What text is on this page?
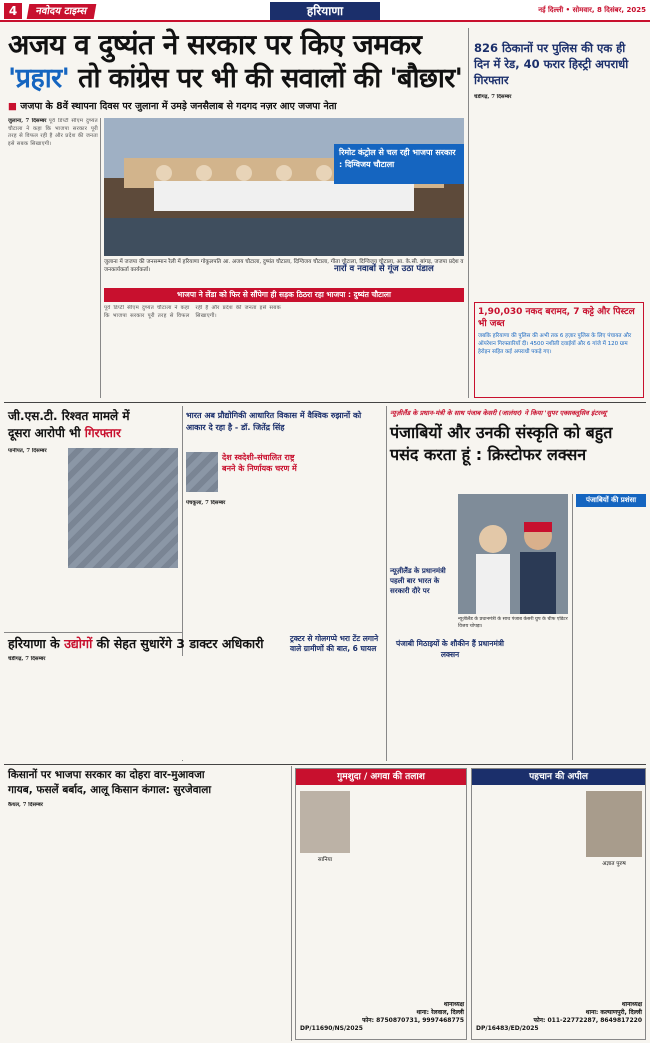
4	नवोदय टाइम्स	हरियाणा	नई दिल्ली • सोमवार, 8 दिसंबर, 2025
अजय व दुष्यंत ने सरकार पर किए जमकर
'प्रहार' तो कांग्रेस पर भी की सवालों की 'बौछार'
■ जजपा के 8वें स्थापना दिवस पर जुलाना में उमड़े जनसैलाब से गदगद नज़र आए जजपा नेता
जुलाना, 7 दिसम्बर पूर्व डिप्टी सीएम दुष्यंत चौटाला ने कहा कि भाजपा सरकार पूरी तरह से विफल रही है और प्रदेश की जनता इसे सबक सिखाएगी।
जुलाना में जजपा की जनसम्मान रैली में हरियाणा गोकुलपति आ. अजय चौटाला, दुष्यंत चौटाला, दिग्विजय चौटाला, गीता चौटाला, दिग्विजय चौटाला, आ. के.सी. बांगड़, जजपा प्रदेश व जनकार्यकर्ता कार्यकर्ता।
भाजपा ने लेंडा को फिर से सौंपेगा ही सड़क ठिठरा रहा भाजपा : दुष्यंत चौटाला
पूर्व डिप्टी सीएम दुष्यंत चौटाला ने कहा कि भाजपा सरकार पूरी तरह से विफल रही है और प्रदेश की जनता इसे सबक सिखाएगी।
826 ठिकानों पर पुलिस की एक ही दिन में रेड, 40 फरार हिस्ट्री अपराधी गिरफ्तार
चंडीगढ़, 7 दिसम्बर
रिमोट कंट्रोल से चल रही भाजपा सरकार : दिग्विजय चौटाला
नारों व नवाबों से गूंज उठा पंडाल
1,90,030 नकद बरामद, 7 कट्टे और पिस्टल भी जब्त
जबकि हरियाणा की पुलिस की अभी तक 6 हज़ार पुलिस के लिए पंचायत और ऑपरेशन गिरफ्तारियाँ दी। 4500 नशीली दवाईयों और 6 गांजे में 120 ग्राम हेरोइन सहित कई अपराधी पकड़े गए।
जी.एस.टी. रिश्वत मामले में
दूसरा आरोपी भी गिरफ्तार
पानीपत, 7 दिसम्बर
भारत अब प्रौद्योगिकी आधारित विकास में वैश्विक रुझानों को आकार दे रहा है - डॉ. जितेंद्र सिंह
देश स्वदेशी-संचालित राष्ट्र बनने के निर्णायक चरण में
पंचकूला, 7 दिसम्बर
ट्रक्टर से गोलगप्पे भरा टेंट लगाने वाले ग्रामीणों की बात, 6 घायल
हरियाणा के उद्योगों की सेहत सुधारेंगे 3 डाक्टर अधिकारी
चंडीगढ़, 7 दिसम्बर
न्यूज़ीलैंड के प्रधान-मंत्री के साथ पंजाब केसरी (जालंधर) ने किया 'सुपर एक्सक्लूसिव इंटरव्यू'
पंजाबियों और उनकी संस्कृति को बहुत पसंद करता हूं : क्रिस्टोफर लक्सन
न्यूज़ीलैंड के प्रधानमंत्री पहली बार भारत के सरकारी दौरे पर
न्यूज़ीलैंड के प्रधानमंत्री के साथ पंजाब केसरी ग्रुप के चीफ एडिटर विजय चोपड़ा।
पंजाबी मिठाइयों के शौकीन हैं प्रधानमंत्री लक्सन
पंजाबियों की प्रशंसा
किसानों पर भाजपा सरकार का दोहरा वार-मुआवजा
गायब, फसलें बर्बाद, आलू किसान कंगाल: सुरजेवाला
कैथल, 7 दिसम्बर
गुमशुदा / अगवा की तलाश
सानिया
थानाध्यक्ष
थाना: रेलवाल, दिल्ली
फोन: 8750870731, 9997468775
DP/11690/NS/2025
पहचान की अपील
अज्ञात पुरुष
थानाध्यक्ष
थाना: कल्याणपुरी, दिल्ली
फोन: 011-22772287, 8649817220
DP/16483/ED/2025
